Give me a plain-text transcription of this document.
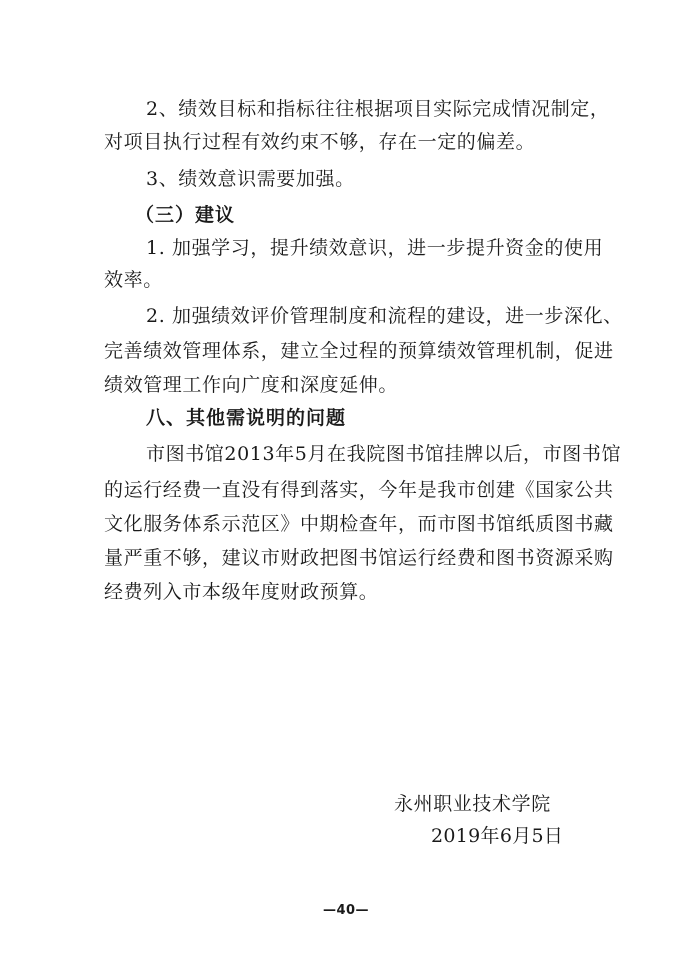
2、绩效目标和指标往往根据项目实际完成情况制定，
对项目执行过程有效约束不够，存在一定的偏差。
3、绩效意识需要加强。
（三）建议
1. 加强学习，提升绩效意识，进一步提升资金的使用
效率。
2. 加强绩效评价管理制度和流程的建设，进一步深化、
完善绩效管理体系，建立全过程的预算绩效管理机制，促进
绩效管理工作向广度和深度延伸。
八、其他需说明的问题
市图书馆2013年5月在我院图书馆挂牌以后，市图书馆
的运行经费一直没有得到落实，今年是我市创建《国家公共
文化服务体系示范区》中期检查年，而市图书馆纸质图书藏
量严重不够，建议市财政把图书馆运行经费和图书资源采购
经费列入市本级年度财政预算。
永州职业技术学院
2019年6月5日
—40—
